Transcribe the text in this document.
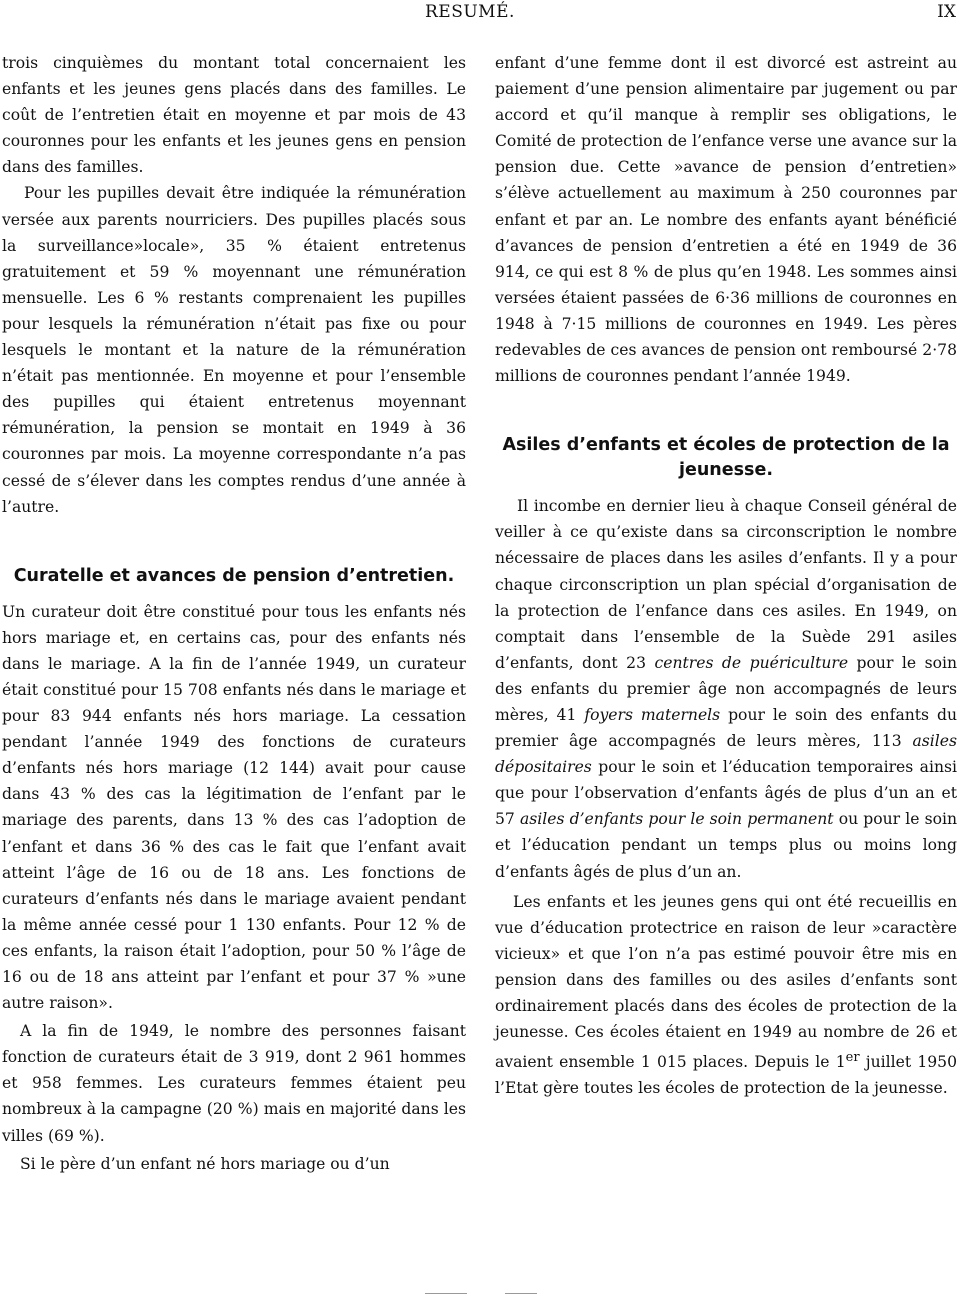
RESUMÉ.	IX

trois cinquièmes du montant total concernaient les enfants et les jeunes gens placés dans des familles. Le coût de l’entretien était en moyenne et par mois de 43 couronnes pour les enfants et les jeunes gens en pension dans des familles.

Pour les pupilles devait être indiquée la rémunération versée aux parents nourriciers. Des pupilles placés sous la surveillance»locale», 35 % étaient entretenus gratuitement et 59 % moyennant une rémunération mensuelle. Les 6 % restants comprenaient les pupilles pour lesquels la rémunération n’était pas fixe ou pour lesquels le montant et la nature de la rémunération n’était pas mentionnée. En moyenne et pour l’ensemble des pupilles qui étaient entretenus moyennant rémunération, la pension se montait en 1949 à 36 couronnes par mois. La moyenne correspondante n’a pas cessé de s’élever dans les comptes rendus d’une année à l’autre.

Curatelle et avances de pension d’entretien.

Un curateur doit être constitué pour tous les enfants nés hors mariage et, en certains cas, pour des enfants nés dans le mariage. A la fin de l’année 1949, un curateur était constitué pour 15 708 enfants nés dans le mariage et pour 83 944 enfants nés hors mariage. La cessation pendant l’année 1949 des fonctions de curateurs d’enfants nés hors mariage (12 144) avait pour cause dans 43 % des cas la légitimation de l’enfant par le mariage des parents, dans 13 % des cas l’adoption de l’enfant et dans 36 % des cas le fait que l’enfant avait atteint l’âge de 16 ou de 18 ans. Les fonctions de curateurs d’enfants nés dans le mariage avaient pendant la même année cessé pour 1 130 enfants. Pour 12 % de ces enfants, la raison était l’adoption, pour 50 % l’âge de 16 ou de 18 ans atteint par l’enfant et pour 37 % »une autre raison».

A la fin de 1949, le nombre des personnes faisant fonction de curateurs était de 3 919, dont 2 961 hommes et 958 femmes. Les curateurs femmes étaient peu nombreux à la campagne (20 %) mais en majorité dans les villes (69 %).

Si le père d’un enfant né hors mariage ou d’un

enfant d’une femme dont il est divorcé est astreint au paiement d’une pension alimentaire par jugement ou par accord et qu’il manque à remplir ses obligations, le Comité de protection de l’enfance verse une avance sur la pension due. Cette »avance de pension d’entretien» s’élève actuellement au maximum à 250 couronnes par enfant et par an. Le nombre des enfants ayant bénéficié d’avances de pension d’entretien a été en 1949 de 36 914, ce qui est 8 % de plus qu’en 1948. Les sommes ainsi versées étaient passées de 6·36 millions de couronnes en 1948 à 7·15 millions de couronnes en 1949. Les pères redevables de ces avances de pension ont remboursé 2·78 millions de couronnes pendant l’année 1949.

Asiles d’enfants et écoles de protection de la jeunesse.

Il incombe en dernier lieu à chaque Conseil général de veiller à ce qu’existe dans sa circonscription le nombre nécessaire de places dans les asiles d’enfants. Il y a pour chaque circonscription un plan spécial d’organisation de la protection de l’enfance dans ces asiles. En 1949, on comptait dans l’ensemble de la Suède 291 asiles d’enfants, dont 23 centres de puériculture pour le soin des enfants du premier âge non accompagnés de leurs mères, 41 foyers maternels pour le soin des enfants du premier âge accompagnés de leurs mères, 113 asiles dépositaires pour le soin et l’éducation temporaires ainsi que pour l’observation d’enfants âgés de plus d’un an et 57 asiles d’enfants pour le soin permanent ou pour le soin et l’éducation pendant un temps plus ou moins long d’enfants âgés de plus d’un an.

Les enfants et les jeunes gens qui ont été recueillis en vue d’éducation protectrice en raison de leur »caractère vicieux» et que l’on n’a pas estimé pouvoir être mis en pension dans des familles ou des asiles d’enfants sont ordinairement placés dans des écoles de protection de la jeunesse. Ces écoles étaient en 1949 au nombre de 26 et avaient ensemble 1 015 places. Depuis le 1er juillet 1950 l’Etat gère toutes les écoles de protection de la jeunesse.
